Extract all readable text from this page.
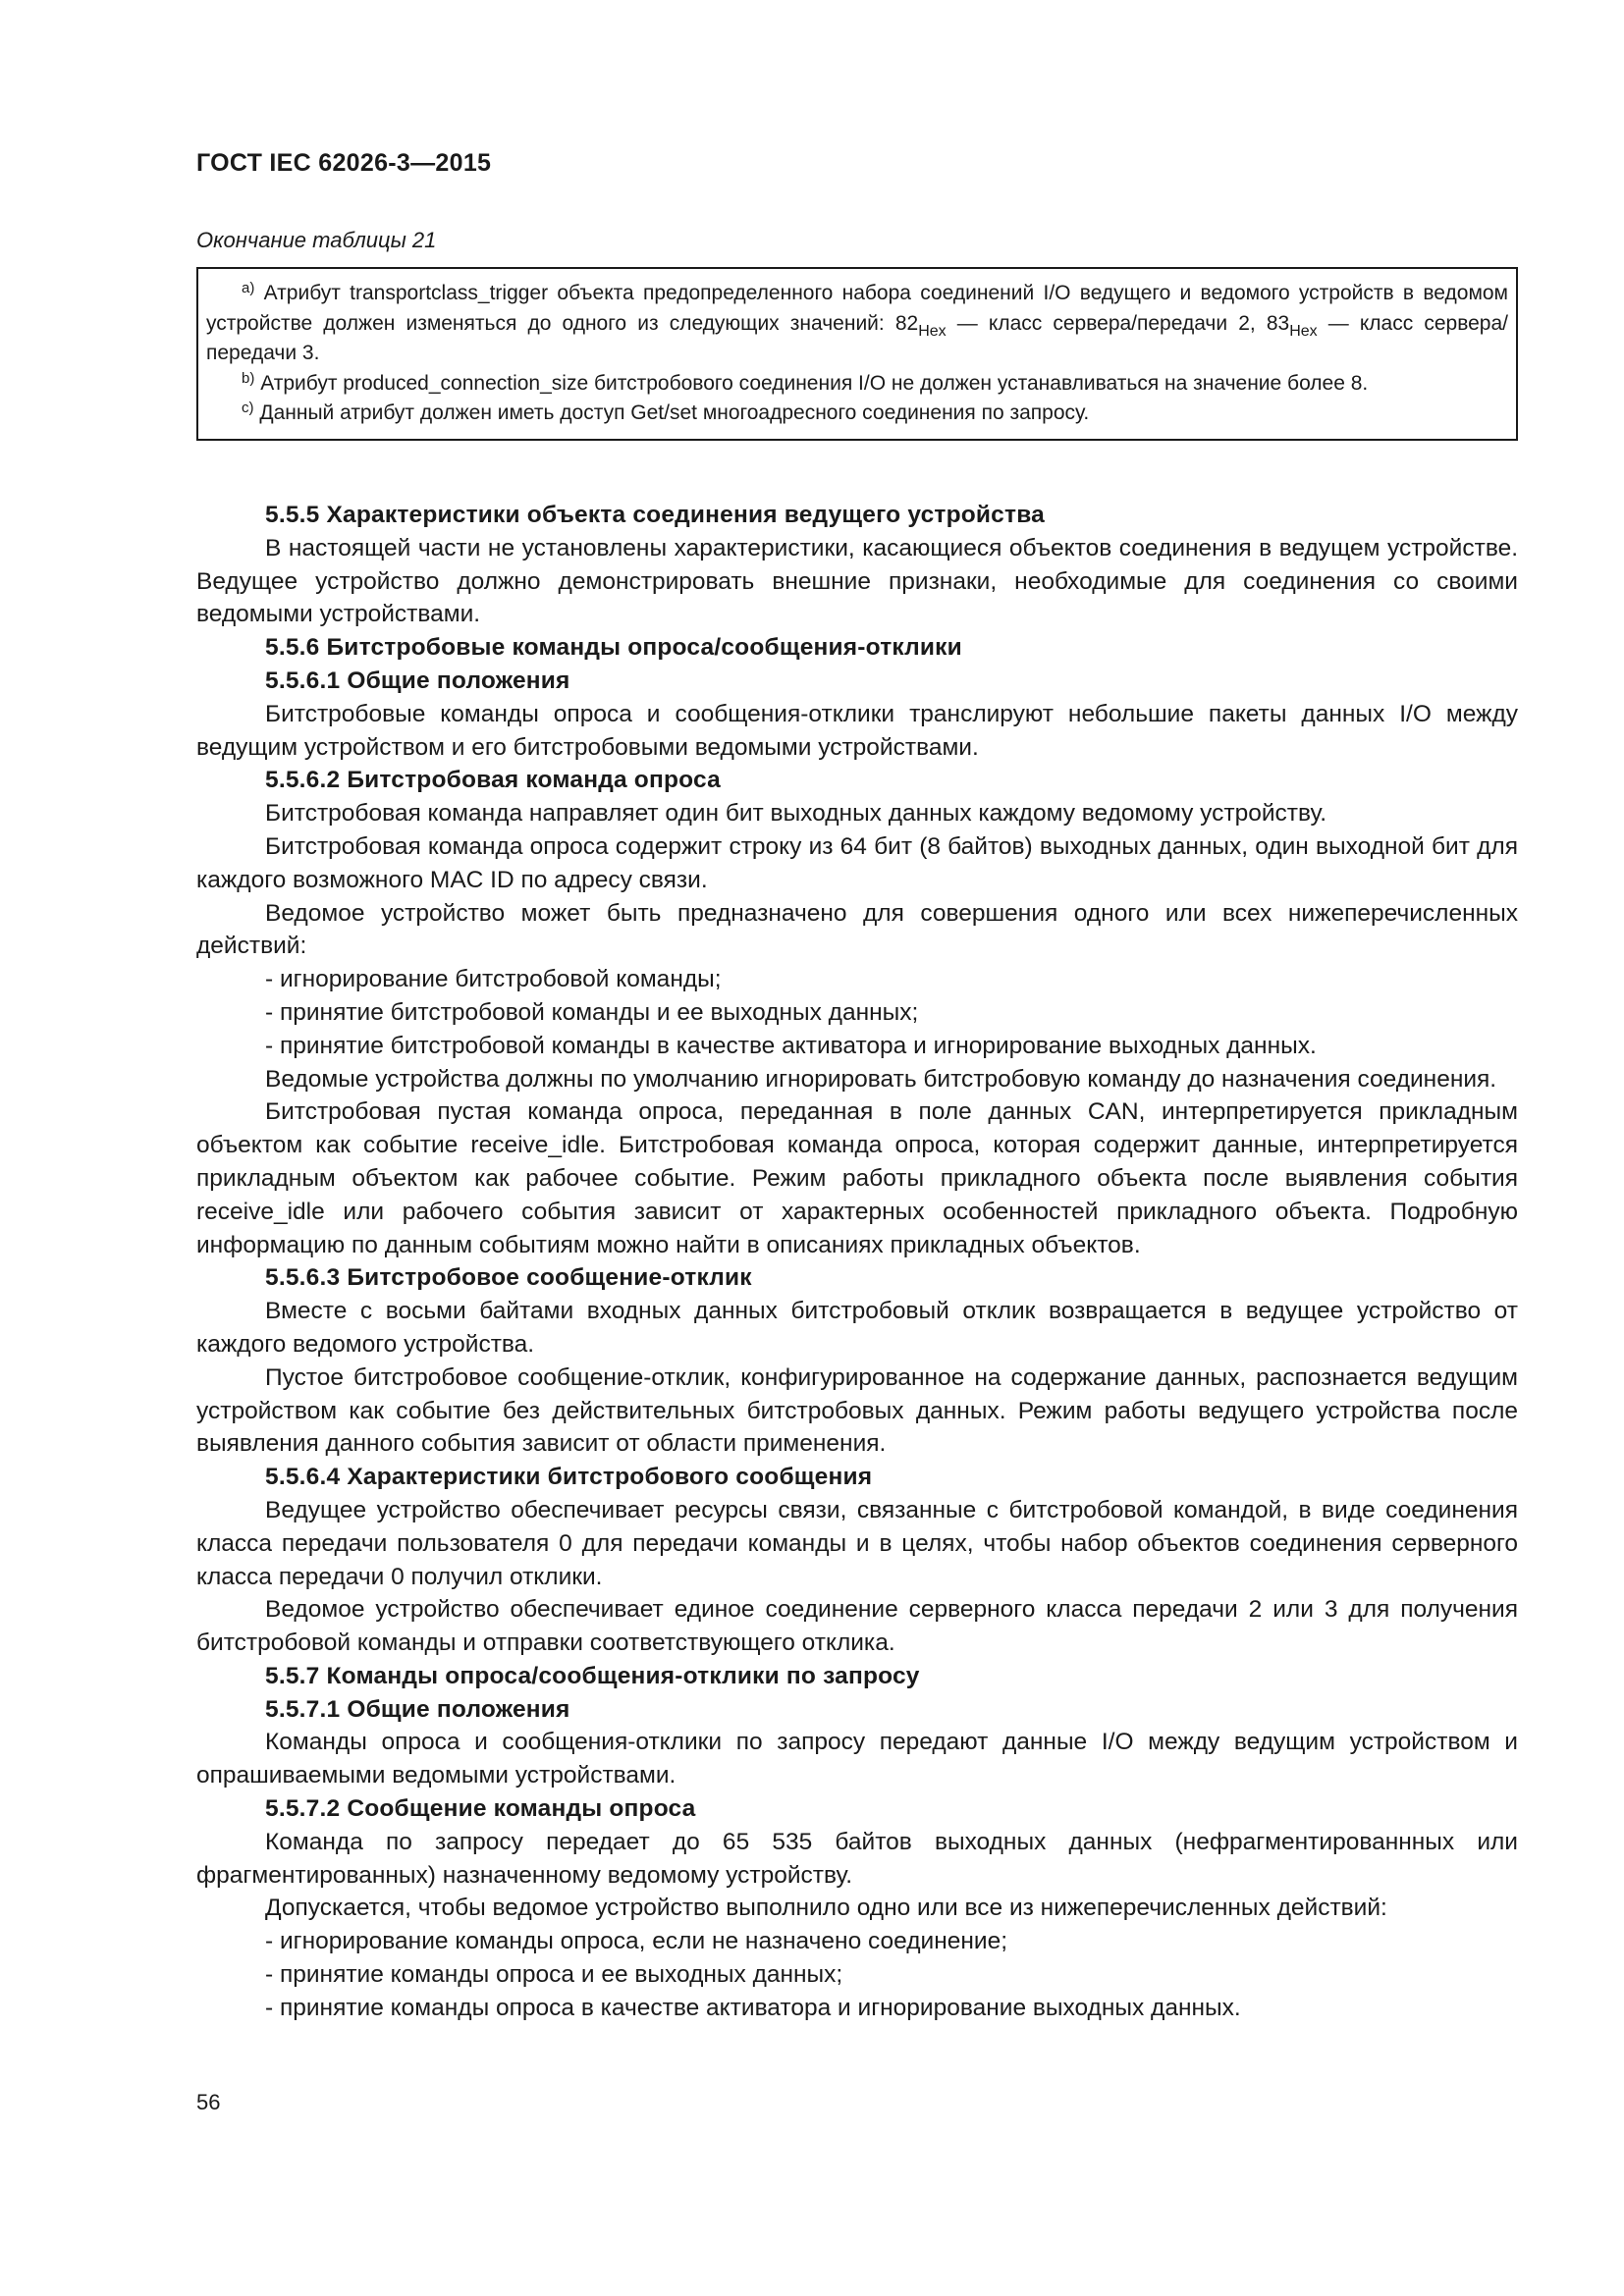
ГОСТ IEC 62026-3—2015
Окончание таблицы 21

$^{a)}$ Атрибут transportclass_trigger объекта предопределенного набора соединений I/O ведущего и ведомого устройств в ведомом устройстве должен изменяться до одного из следующих значений: $82_{Hex}$ — класс сервера/передачи 2, $83_{Hex}$ — класс сервера/передачи 3.

$^{b)}$ Атрибут produced_connection_size битстробового соединения I/O не должен устанавливаться на значение более 8.

$^{c)}$ Данный атрибут должен иметь доступ Get/set многоадресного соединения по запросу.

5.5.5 Характеристики объекта соединения ведущего устройства

В настоящей части не установлены характеристики, касающиеся объектов соединения в ведущем устройстве. Ведущее устройство должно демонстрировать внешние признаки, необходимые для соединения со своими ведомыми устройствами.

5.5.6 Битстробовые команды опроса/сообщения-отклики

5.5.6.1 Общие положения

Битстробовые команды опроса и сообщения-отклики транслируют небольшие пакеты данных I/O между ведущим устройством и его битстробовыми ведомыми устройствами.

5.5.6.2 Битстробовая команда опроса

Битстробовая команда направляет один бит выходных данных каждому ведомому устройству.

Битстробовая команда опроса содержит строку из 64 бит (8 байтов) выходных данных, один выходной бит для каждого возможного MAC ID по адресу связи.

Ведомое устройство может быть предназначено для совершения одного или всех нижеперечисленных действий:

- игнорирование битстробовой команды;

- принятие битстробовой команды и ее выходных данных;

- принятие битстробовой команды в качестве активатора и игнорирование выходных данных.

Ведомые устройства должны по умолчанию игнорировать битстробовую команду до назначения соединения.

Битстробовая пустая команда опроса, переданная в поле данных CAN, интерпретируется прикладным объектом как событие receive_idle. Битстробовая команда опроса, которая содержит данные, интерпретируется прикладным объектом как рабочее событие. Режим работы прикладного объекта после выявления события receive_idle или рабочего события зависит от характерных особенностей прикладного объекта. Подробную информацию по данным событиям можно найти в описаниях прикладных объектов.

5.5.6.3 Битстробовое сообщение-отклик

Вместе с восьми байтами входных данных битстробовый отклик возвращается в ведущее устройство от каждого ведомого устройства.

Пустое битстробовое сообщение-отклик, конфигурированное на содержание данных, распознается ведущим устройством как событие без действительных битстробовых данных. Режим работы ведущего устройства после выявления данного события зависит от области применения.

5.5.6.4 Характеристики битстробового сообщения

Ведущее устройство обеспечивает ресурсы связи, связанные с битстробовой командой, в виде соединения класса передачи пользователя 0 для передачи команды и в целях, чтобы набор объектов соединения серверного класса передачи 0 получил отклики.

Ведомое устройство обеспечивает единое соединение серверного класса передачи 2 или 3 для получения битстробовой команды и отправки соответствующего отклика.

5.5.7 Команды опроса/сообщения-отклики по запросу

5.5.7.1 Общие положения

Команды опроса и сообщения-отклики по запросу передают данные I/O между ведущим устройством и опрашиваемыми ведомыми устройствами.

5.5.7.2 Сообщение команды опроса

Команда по запросу передает до 65 535 байтов выходных данных (нефрагментированнных или фрагментированных) назначенному ведомому устройству.

Допускается, чтобы ведомое устройство выполнило одно или все из нижеперечисленных действий:

- игнорирование команды опроса, если не назначено соединение;

- принятие команды опроса и ее выходных данных;

- принятие команды опроса в качестве активатора и игнорирование выходных данных.

56
